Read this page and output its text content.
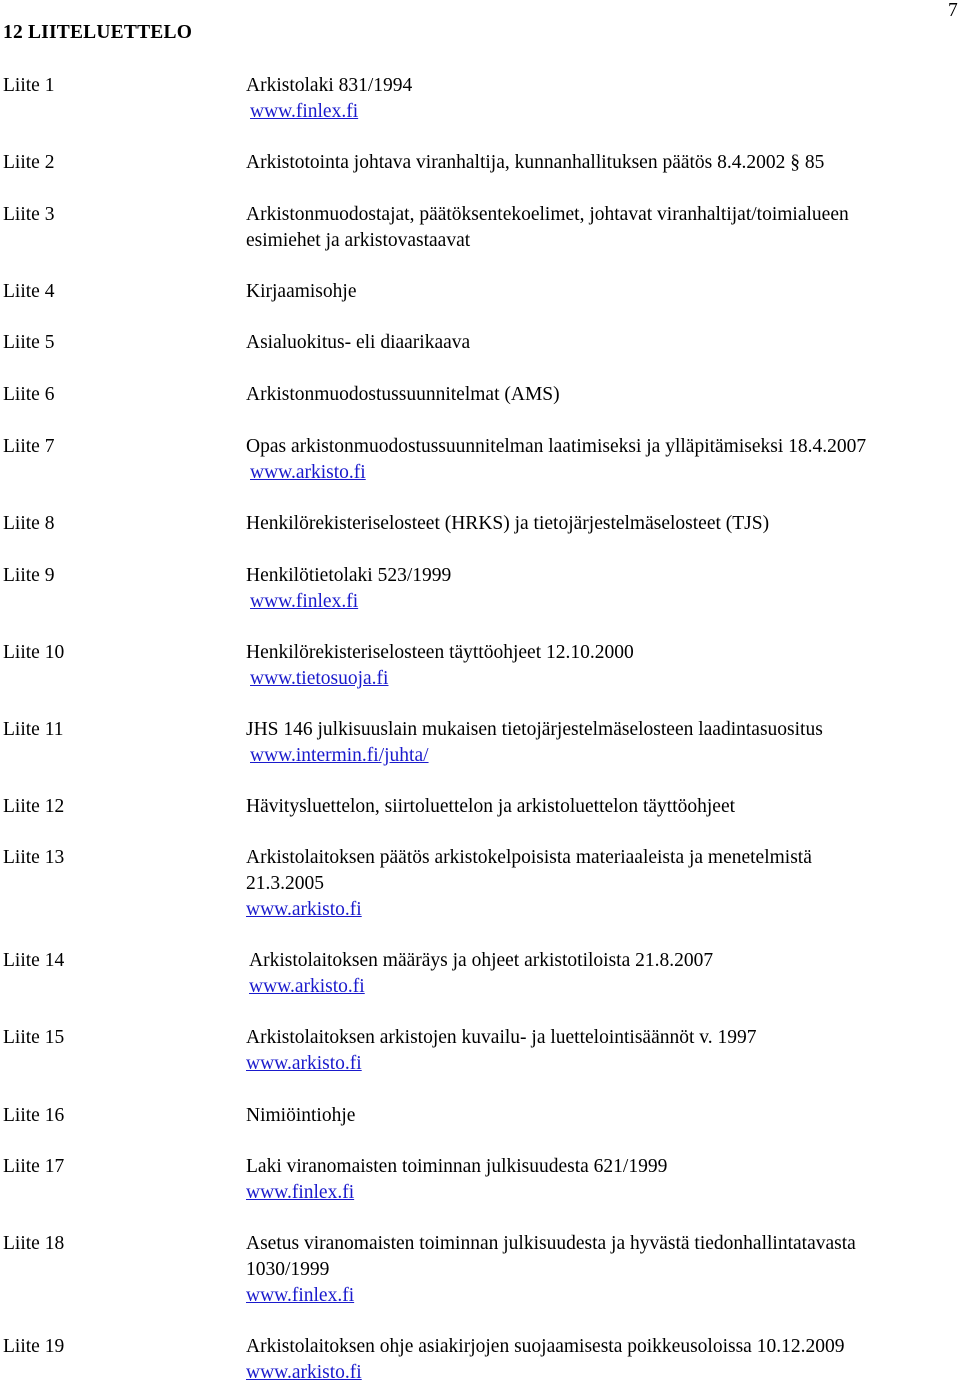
7
12 LIITELUETTELO
Liite 1	Arkistolaki 831/1994
www.finlex.fi
Liite 2	Arkistotointa johtava viranhaltija, kunnanhallituksen päätös 8.4.2002 § 85
Liite 3	Arkistonmuodostajat, päätöksentekoelimet, johtavat viranhaltijat/toimialueen
esimiehet ja arkistovastaavat
Liite 4	Kirjaamisohje
Liite 5	Asialuokitus- eli diaarikaava
Liite 6	Arkistonmuodostussuunnitelmat (AMS)
Liite 7	Opas arkistonmuodostussuunnitelman laatimiseksi ja ylläpitämiseksi 18.4.2007
www.arkisto.fi
Liite 8	Henkilörekisteriselosteet (HRKS) ja tietojärjestelmäselosteet (TJS)
Liite 9	Henkilötietolaki 523/1999
www.finlex.fi
Liite 10	Henkilörekisteriselosteen täyttöohjeet 12.10.2000
www.tietosuoja.fi
Liite 11	JHS 146 julkisuuslain mukaisen tietojärjestelmäselosteen laadintasuositus
www.intermin.fi/juhta/
Liite 12	Hävitysluettelon, siirtoluettelon ja arkistoluettelon täyttöohjeet
Liite 13	Arkistolaitoksen päätös arkistokelpoisista materiaaleista ja menetelmistä
21.3.2005
www.arkisto.fi
Liite 14	Arkistolaitoksen määräys ja ohjeet arkistotiloista 21.8.2007
www.arkisto.fi
Liite 15	Arkistolaitoksen arkistojen kuvailu- ja luettelointisäännöt v. 1997
www.arkisto.fi
Liite 16	Nimiöintiohje
Liite 17	Laki viranomaisten toiminnan julkisuudesta 621/1999
www.finlex.fi
Liite 18	Asetus viranomaisten toiminnan julkisuudesta ja hyvästä tiedonhallintatavasta
1030/1999
www.finlex.fi
Liite 19	Arkistolaitoksen ohje asiakirjojen suojaamisesta poikkeusoloissa 10.12.2009
www.arkisto.fi
